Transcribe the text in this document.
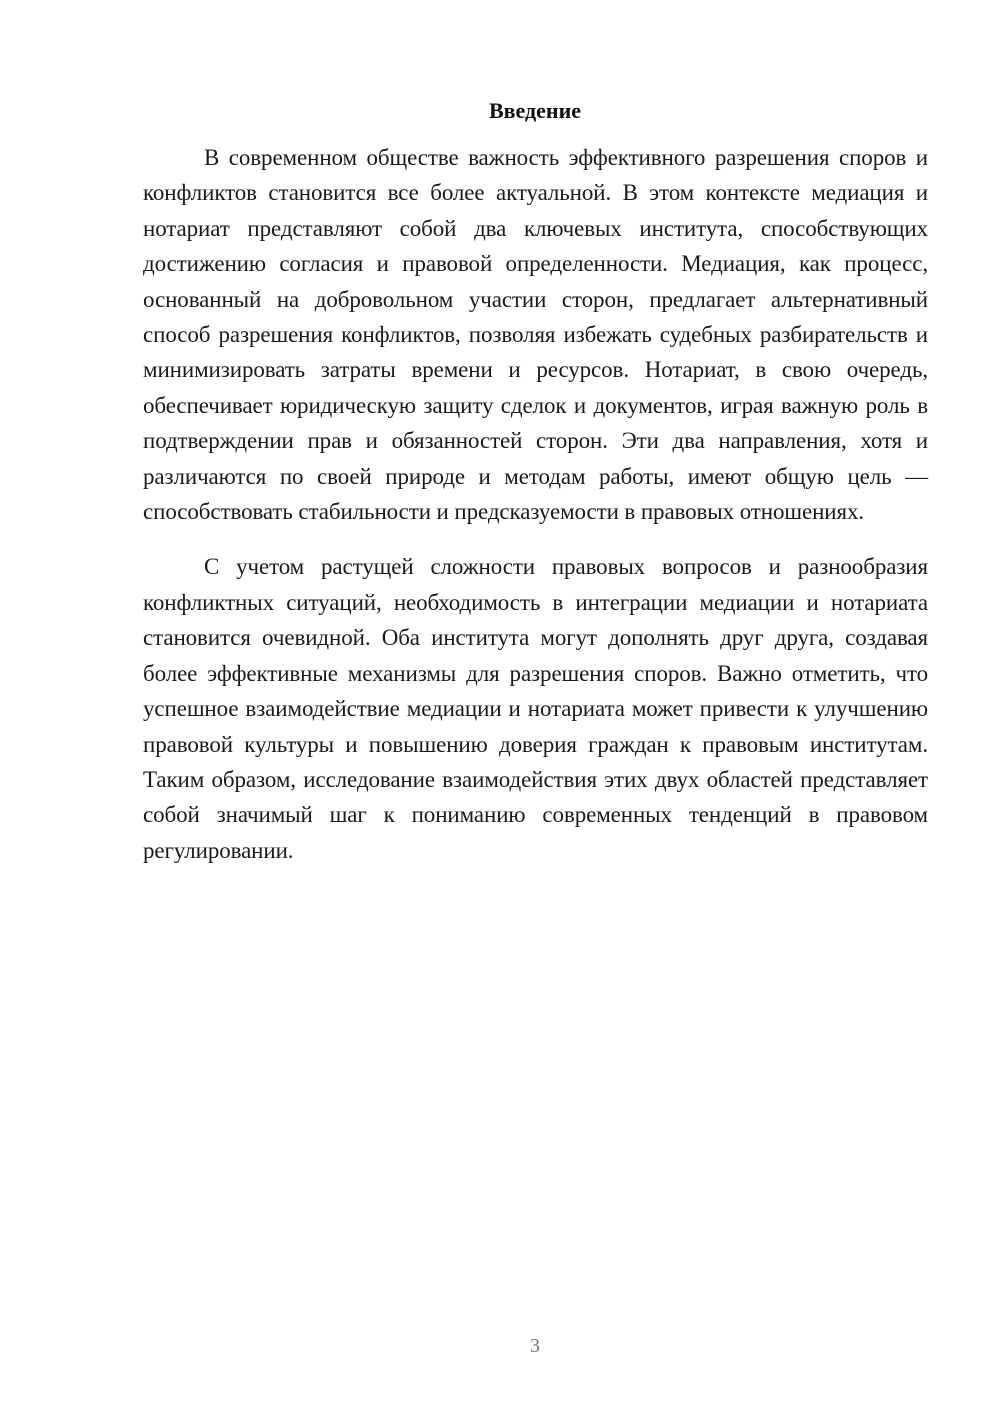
Введение

В современном обществе важность эффективного разрешения споров и конфликтов становится все более актуальной. В этом контексте медиация и нотариат представляют собой два ключевых института, способствующих достижению согласия и правовой определенности. Медиация, как процесс, основанный на добровольном участии сторон, предлагает альтернативный способ разрешения конфликтов, позволяя избежать судебных разбирательств и минимизировать затраты времени и ресурсов. Нотариат, в свою очередь, обеспечивает юридическую защиту сделок и документов, играя важную роль в подтверждении прав и обязанностей сторон. Эти два направления, хотя и различаются по своей природе и методам работы, имеют общую цель — способствовать стабильности и предсказуемости в правовых отношениях.

С учетом растущей сложности правовых вопросов и разнообразия конфликтных ситуаций, необходимость в интеграции медиации и нотариата становится очевидной. Оба института могут дополнять друг друга, создавая более эффективные механизмы для разрешения споров. Важно отметить, что успешное взаимодействие медиации и нотариата может привести к улучшению правовой культуры и повышению доверия граждан к правовым институтам. Таким образом, исследование взаимодействия этих двух областей представляет собой значимый шаг к пониманию современных тенденций в правовом регулировании.

3
